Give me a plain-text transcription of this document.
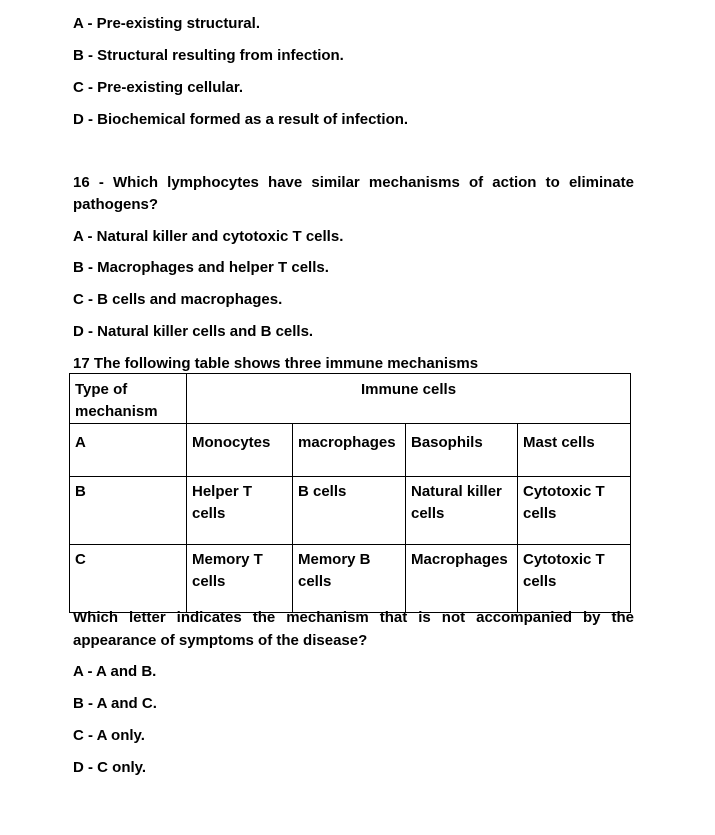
A - Pre-existing structural.
B - Structural resulting from infection.
C - Pre-existing cellular.
D - Biochemical formed as a result of infection.
16 - Which lymphocytes have similar mechanisms of action to eliminate
pathogens?
A - Natural killer and cytotoxic T cells.
B - Macrophages and helper T cells.
C - B cells and macrophages.
D - Natural killer cells and B cells.
17 The following table shows three immune mechanisms
Type of mechanism	Immune cells			
A	Monocytes	macrophages	Basophils	Mast cells
B	Helper T cells	B cells	Natural killer cells	Cytotoxic T cells
C	Memory T cells	Memory B cells	Macrophages	Cytotoxic T cells
Which letter indicates the mechanism that is not accompanied by the
appearance of symptoms of the disease?
A - A and B.
B - A and C.
C - A only.
D - C only.
